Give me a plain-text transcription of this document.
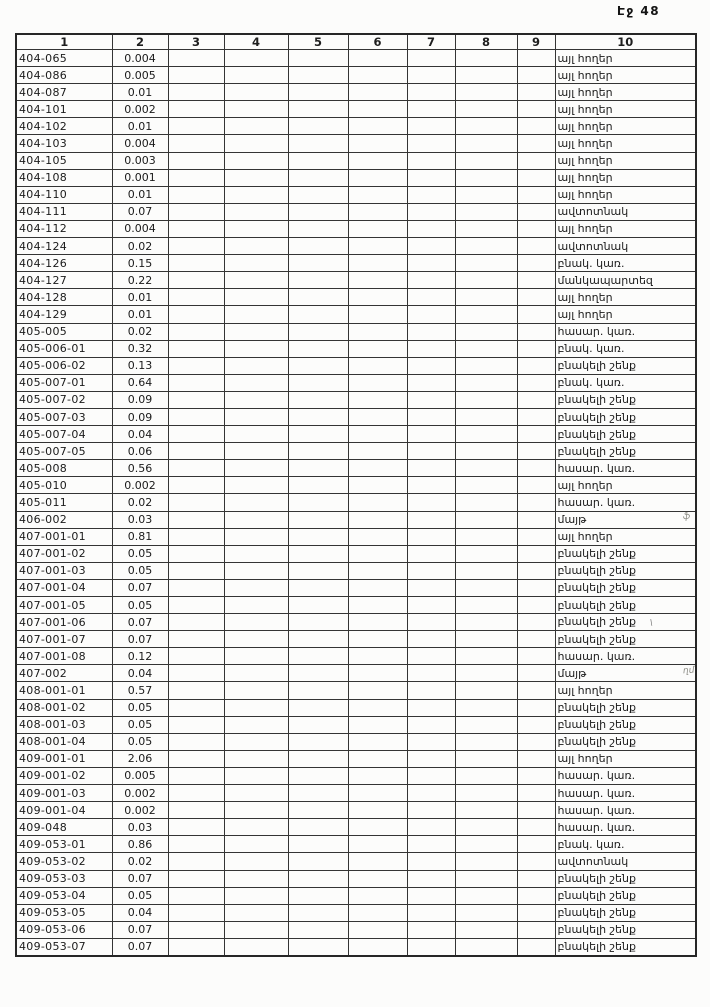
Էջ 48
1	2	3	4	5	6	7	8	9	10
404-065	0.004								այլ հողեր
404-086	0.005								այլ հողեր
404-087	0.01								այլ հողեր
404-101	0.002								այլ հողեր
404-102	0.01								այլ հողեր
404-103	0.004								այլ հողեր
404-105	0.003								այլ հողեր
404-108	0.001								այլ հողեր
404-110	0.01								այլ հողեր
404-111	0.07								ավտոտնակ
404-112	0.004								այլ հողեր
404-124	0.02								ավտոտնակ
404-126	0.15								բնակ. կառ.
404-127	0.22								մանկապարտեզ
404-128	0.01								այլ հողեր
404-129	0.01								այլ հողեր
405-005	0.02								հասար. կառ.
405-006-01	0.32								բնակ. կառ.
405-006-02	0.13								բնակելի շենք
405-007-01	0.64								բնակ. կառ.
405-007-02	0.09								բնակելի շենք
405-007-03	0.09								բնակելի շենք
405-007-04	0.04								բնակելի շենք
405-007-05	0.06								բնակելի շենք
405-008	0.56								հասար. կառ.
405-010	0.002								այլ հողեր
405-011	0.02								հասար. կառ.
406-002	0.03								մայթ
407-001-01	0.81								այլ հողեր
407-001-02	0.05								բնակելի շենք
407-001-03	0.05								բնակելի շենք
407-001-04	0.07								բնակելի շենք
407-001-05	0.05								բնակելի շենք
407-001-06	0.07								բնակելի շենք \
407-001-07	0.07								բնակելի շենք
407-001-08	0.12								հասար. կառ.
407-002	0.04								մայթ
408-001-01	0.57								այլ հողեր
408-001-02	0.05								բնակելի շենք
408-001-03	0.05								բնակելի շենք
408-001-04	0.05								բնակելի շենք
409-001-01	2.06								այլ հողեր
409-001-02	0.005								հասար. կառ.
409-001-03	0.002								հասար. կառ.
409-001-04	0.002								հասար. կառ.
409-048	0.03								հասար. կառ.
409-053-01	0.86								բնակ. կառ.
409-053-02	0.02								ավտոտնակ
409-053-03	0.07								բնակելի շենք
409-053-04	0.05								բնակելի շենք
409-053-05	0.04								բնակելի շենք
409-053-06	0.07								բնակելի շենք
409-053-07	0.07								բնակելի շենք
ֆ
ղմ
